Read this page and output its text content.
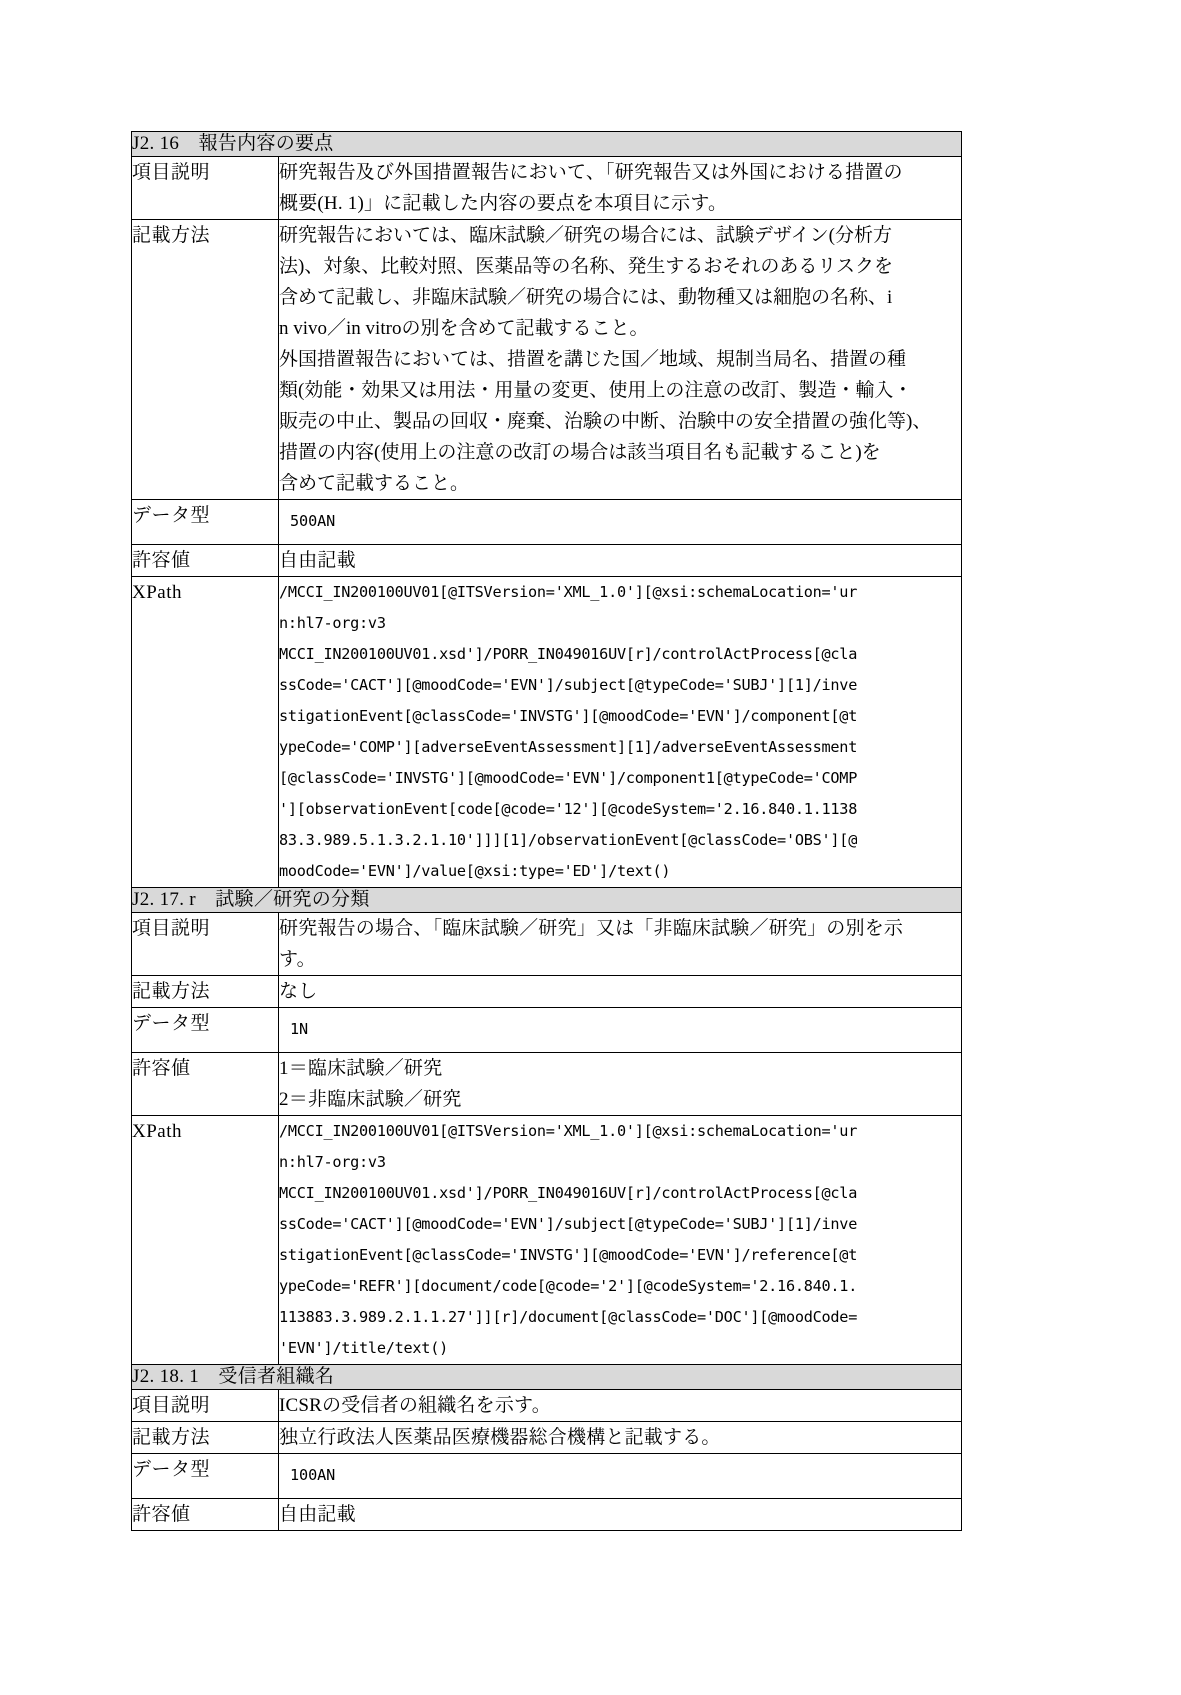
J2. 16　報告内容の要点	
項目説明	研究報告及び外国措置報告において、「研究報告又は外国における措置の
概要(H. 1)」に記載した内容の要点を本項目に示す。

記載方法	研究報告においては、臨床試験／研究の場合には、試験デザイン(分析方
法)、対象、比較対照、医薬品等の名称、発生するおそれのあるリスクを
含めて記載し、非臨床試験／研究の場合には、動物種又は細胞の名称、i
n vivo／in vitroの別を含めて記載すること。
外国措置報告においては、措置を講じた国／地域、規制当局名、措置の種
類(効能・効果又は用法・用量の変更、使用上の注意の改訂、製造・輸入・
販売の中止、製品の回収・廃棄、治験の中断、治験中の安全措置の強化等)、
措置の内容(使用上の注意の改訂の場合は該当項目名も記載すること)を
含めて記載すること。

データ型	500AN

許容値	自由記載

XPath	/MCCI_IN200100UV01[@ITSVersion='XML_1.0'][@xsi:schemaLocation='ur
n:hl7-org:v3
MCCI_IN200100UV01.xsd']/PORR_IN049016UV[r]/controlActProcess[@cla
ssCode='CACT'][@moodCode='EVN']/subject[@typeCode='SUBJ'][1]/inve
stigationEvent[@classCode='INVSTG'][@moodCode='EVN']/component[@t
ypeCode='COMP'][adverseEventAssessment][1]/adverseEventAssessment
[@classCode='INVSTG'][@moodCode='EVN']/component1[@typeCode='COMP
'][observationEvent[code[@code='12'][@codeSystem='2.16.840.1.1138
83.3.989.5.1.3.2.1.10']]][1]/observationEvent[@classCode='OBS'][@
moodCode='EVN']/value[@xsi:type='ED']/text()

J2. 17. r　試験／研究の分類	
項目説明	研究報告の場合、「臨床試験／研究」又は「非臨床試験／研究」の別を示
す。

記載方法	なし

データ型	1N

許容値	1＝臨床試験／研究
2＝非臨床試験／研究

XPath	/MCCI_IN200100UV01[@ITSVersion='XML_1.0'][@xsi:schemaLocation='ur
n:hl7-org:v3
MCCI_IN200100UV01.xsd']/PORR_IN049016UV[r]/controlActProcess[@cla
ssCode='CACT'][@moodCode='EVN']/subject[@typeCode='SUBJ'][1]/inve
stigationEvent[@classCode='INVSTG'][@moodCode='EVN']/reference[@t
ypeCode='REFR'][document/code[@code='2'][@codeSystem='2.16.840.1.
113883.3.989.2.1.1.27']][r]/document[@classCode='DOC'][@moodCode=
'EVN']/title/text()

J2. 18. 1　受信者組織名	
項目説明	ICSRの受信者の組織名を示す。

記載方法	独立行政法人医薬品医療機器総合機構と記載する。

データ型	100AN

許容値	自由記載
